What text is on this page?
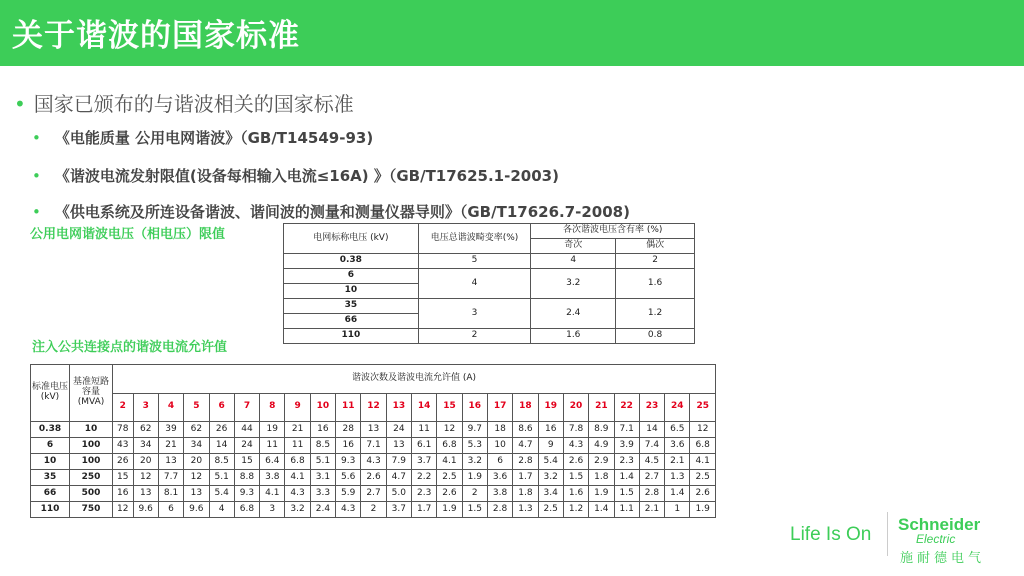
关于谐波的国家标准
• 国家已颁布的与谐波相关的国家标准
• 《电能质量 公用电网谐波》（GB/T14549-93)
• 《谐波电流发射限值(设备每相输入电流≤16A) 》（GB/T17625.1-2003)
• 《供电系统及所连设备谐波、谐间波的测量和测量仪器导则》（GB/T17626.7-2008)
公用电网谐波电压（相电压）限值	电网标称电压 (kV)	电压总谐波畸变率(%)	各次谐波电压含有率 (%)	
		奇次	偶次
0.38	5	4	2
6	4	3.2	1.6
10			
35	3	2.4	1.2
66			
110	2	1.6	0.8
注入公共连接点的谐波电流允许值
标准电压(kV)	基准短路容量(MVA)	谐波次数及谐波电流允许值 (A)																							
		2	3	4	5	6	7	8	9	10	11	12	13	14	15	16	17	18	19	20	21	22	23	24	25
0.38	10	78	62	39	62	26	44	19	21	16	28	13	24	11	12	9.7	18	8.6	16	7.8	8.9	7.1	14	6.5	12
6	100	43	34	21	34	14	24	11	11	8.5	16	7.1	13	6.1	6.8	5.3	10	4.7	9	4.3	4.9	3.9	7.4	3.6	6.8
10	100	26	20	13	20	8.5	15	6.4	6.8	5.1	9.3	4.3	7.9	3.7	4.1	3.2	6	2.8	5.4	2.6	2.9	2.3	4.5	2.1	4.1
35	250	15	12	7.7	12	5.1	8.8	3.8	4.1	3.1	5.6	2.6	4.7	2.2	2.5	1.9	3.6	1.7	3.2	1.5	1.8	1.4	2.7	1.3	2.5
66	500	16	13	8.1	13	5.4	9.3	4.1	4.3	3.3	5.9	2.7	5.0	2.3	2.6	2	3.8	1.8	3.4	1.6	1.9	1.5	2.8	1.4	2.6
110	750	12	9.6	6	9.6	4	6.8	3	3.2	2.4	4.3	2	3.7	1.7	1.9	1.5	2.8	1.3	2.5	1.2	1.4	1.1	2.1	1	1.9
Life Is On Schneider
Electric
施耐德电气
